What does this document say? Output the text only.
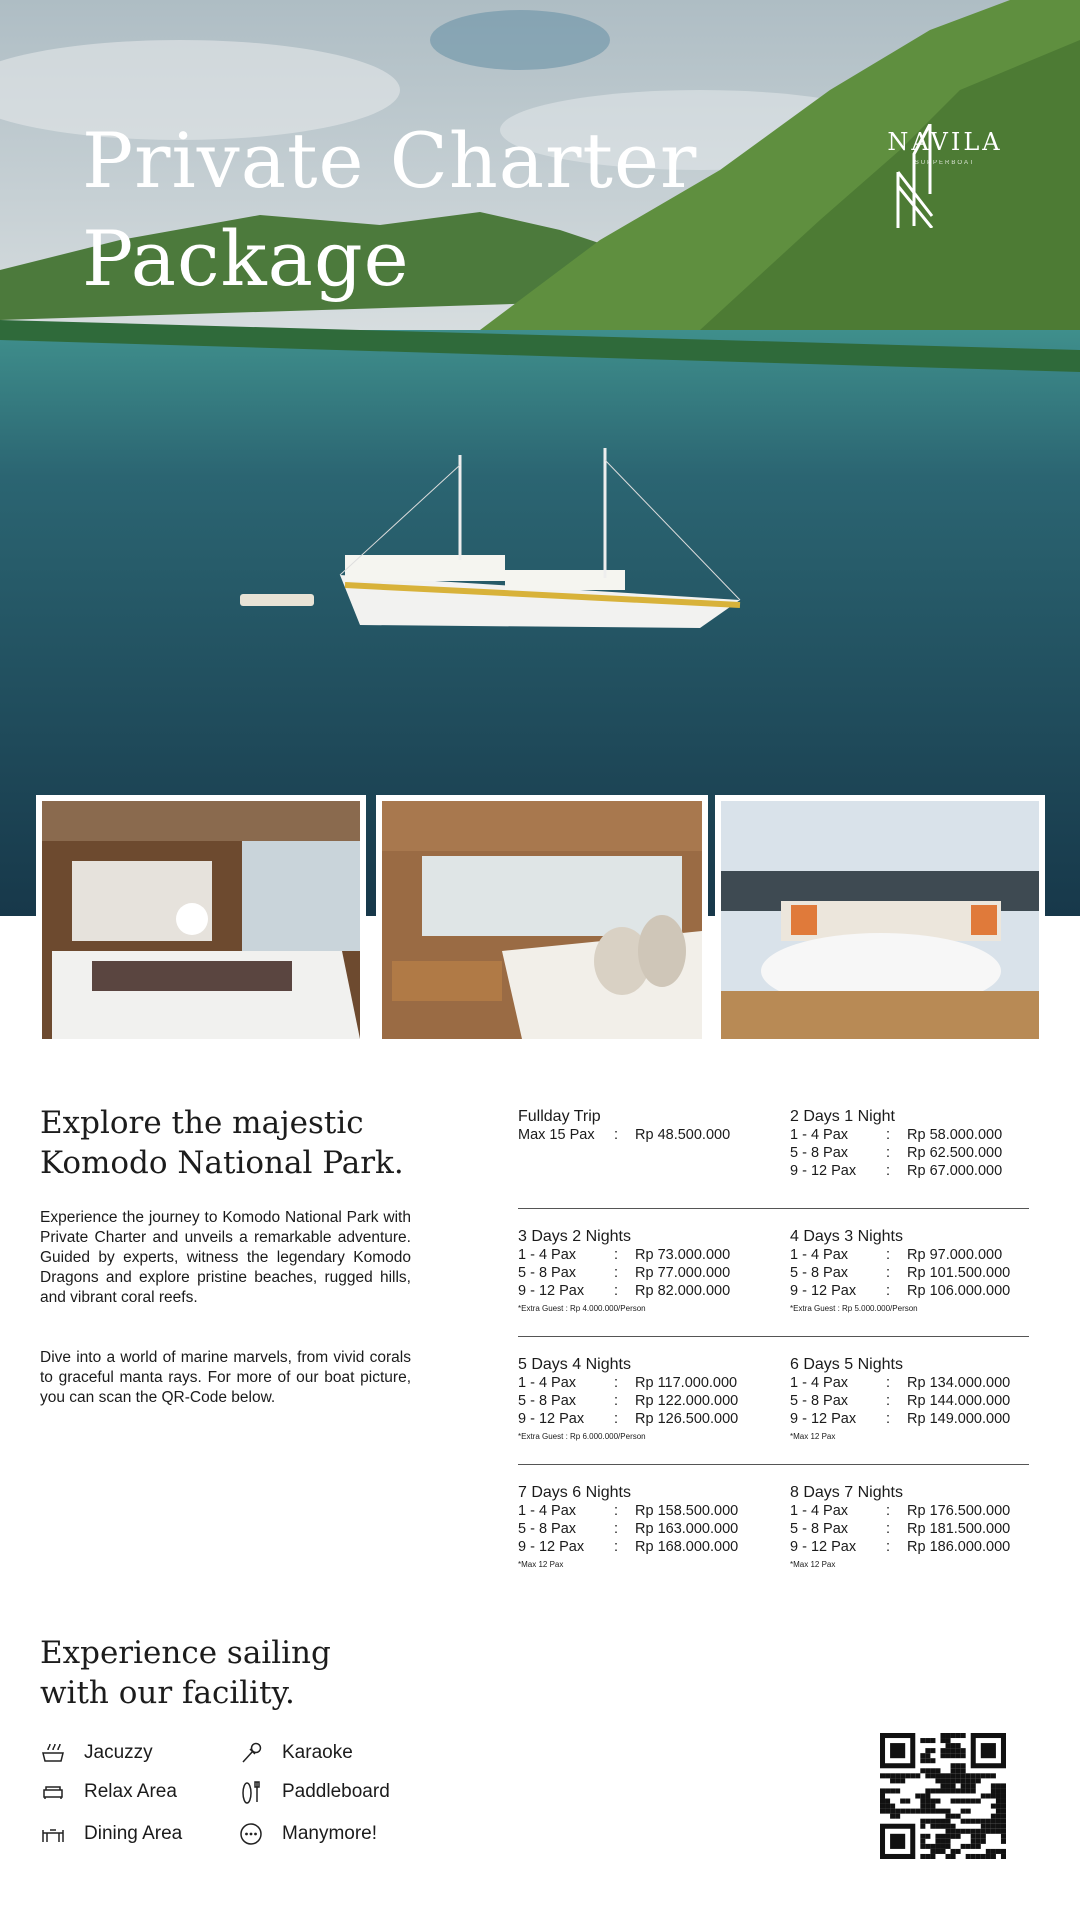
Private Charter
Package
NAVILA
SUPPERBOAT
Explore the majestic Komodo National Park.

Experience the journey to Komodo National Park with Private Charter and unveils a remarkable adventure. Guided by experts, witness the legendary Komodo Dragons and explore pristine beaches, rugged hills, and vibrant coral reefs.

Dive into a world of marine marvels, from vivid corals to graceful manta rays. For more of our boat picture, you can scan the QR-Code below.

Fullday Trip
Max 15 Pax : Rp 48.500.000
2 Days 1 Night
1 - 4 Pax	: Rp 58.000.000
5 - 8 Pax	: Rp 62.500.000
9 - 12 Pax : Rp 67.000.000
3 Days 2 Nights
1 - 4 Pax	: Rp 73.000.000
5 - 8 Pax	: Rp 77.000.000
9 - 12 Pax : Rp 82.000.000
*Extra Guest : Rp 4.000.000/Person
4 Days 3 Nights
1 - 4 Pax	: Rp 97.000.000
5 - 8 Pax	: Rp 101.500.000
9 - 12 Pax : Rp 106.000.000
*Extra Guest : Rp 5.000.000/Person
5 Days 4 Nights
1 - 4 Pax	: Rp 117.000.000
5 - 8 Pax	: Rp 122.000.000
9 - 12 Pax : Rp 126.500.000
*Extra Guest : Rp 6.000.000/Person
6 Days 5 Nights
1 - 4 Pax	: Rp 134.000.000
5 - 8 Pax	: Rp 144.000.000
9 - 12 Pax : Rp 149.000.000
*Max 12 Pax
7 Days 6 Nights
1 - 4 Pax	: Rp 158.500.000
5 - 8 Pax	: Rp 163.000.000
9 - 12 Pax : Rp 168.000.000
*Max 12 Pax
8 Days 7 Nights
1 - 4 Pax	: Rp 176.500.000
5 - 8 Pax	: Rp 181.500.000
9 - 12 Pax : Rp 186.000.000
*Max 12 Pax
Experience sailing with our facility.
Jacuzzy	Karaoke
Relax Area	Paddleboard
Dining Area	Manymore!
